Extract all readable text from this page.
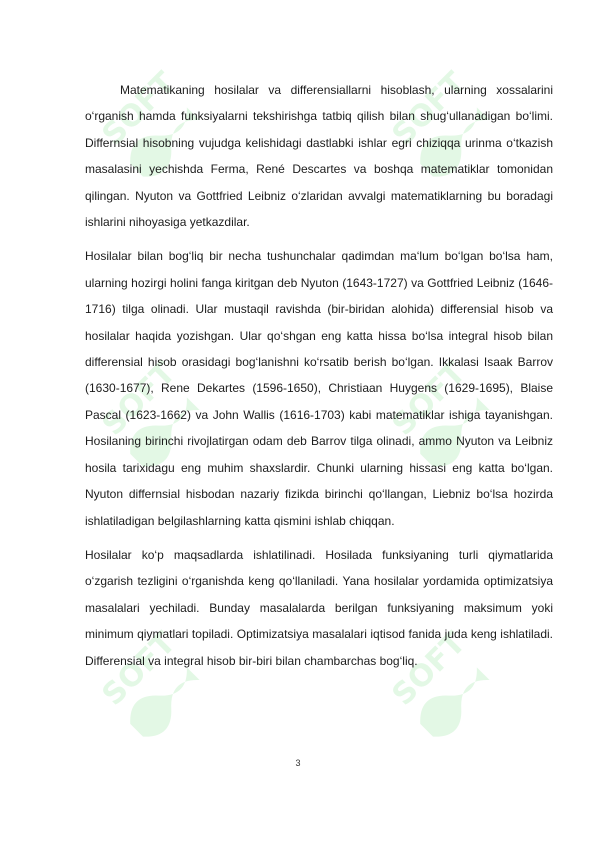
SOFT	SOFT
SOFT	SOFT
SOFT	SOFT

Matematikaning hosilalar va differensiallarni hisoblash, ularning xossalarini o‘rganish hamda funksiyalarni tekshirishga tatbiq qilish bilan shug‘ullanadigan bo‘limi. Differnsial hisobning vujudga kelishidagi dastlabki ishlar egri chiziqqa urinma o‘tkazish masalasini yechishda Ferma, René Descartes va boshqa matematiklar tomonidan qilingan. Nyuton va Gottfried Leibniz o‘zlaridan avvalgi matematiklarning bu boradagi ishlarini nihoyasiga yetkazdilar.

Hosilalar bilan bog‘liq bir necha tushunchalar qadimdan ma‘lum bo‘lgan bo‘lsa ham, ularning hozirgi holini fanga kiritgan deb Nyuton (1643-1727) va Gottfried Leibniz (1646-1716) tilga olinadi. Ular mustaqil ravishda (bir-biridan alohida) differensial hisob va hosilalar haqida yozishgan. Ular qo‘shgan eng katta hissa bo‘lsa integral hisob bilan differensial hisob orasidagi bog‘lanishni ko‘rsatib berish bo‘lgan. Ikkalasi Isaak Barrov (1630-1677), Rene Dekartes (1596-1650), Christiaan Huygens (1629-1695), Blaise Pascal (1623-1662) va John Wallis (1616-1703) kabi matematiklar ishiga tayanishgan. Hosilaning birinchi rivojlatirgan odam deb Barrov tilga olinadi, ammo Nyuton va Leibniz hosila tarixidagu eng muhim shaxslardir. Chunki ularning hissasi eng katta bo‘lgan. Nyuton differnsial hisbodan nazariy fizikda birinchi qo‘llangan, Liebniz bo‘lsa hozirda ishlatiladigan belgilashlarning katta qismini ishlab chiqqan.

Hosilalar ko‘p maqsadlarda ishlatilinadi. Hosilada funksiyaning turli qiymatlarida o‘zgarish tezligini o‘rganishda keng qo‘llaniladi. Yana hosilalar yordamida optimizatsiya masalalari yechiladi. Bunday masalalarda berilgan funksiyaning maksimum yoki minimum qiymatlari topiladi. Optimizatsiya masalalari iqtisod fanida juda keng ishlatiladi. Differensial va integral hisob bir-biri bilan chambarchas bog‘liq.

3
